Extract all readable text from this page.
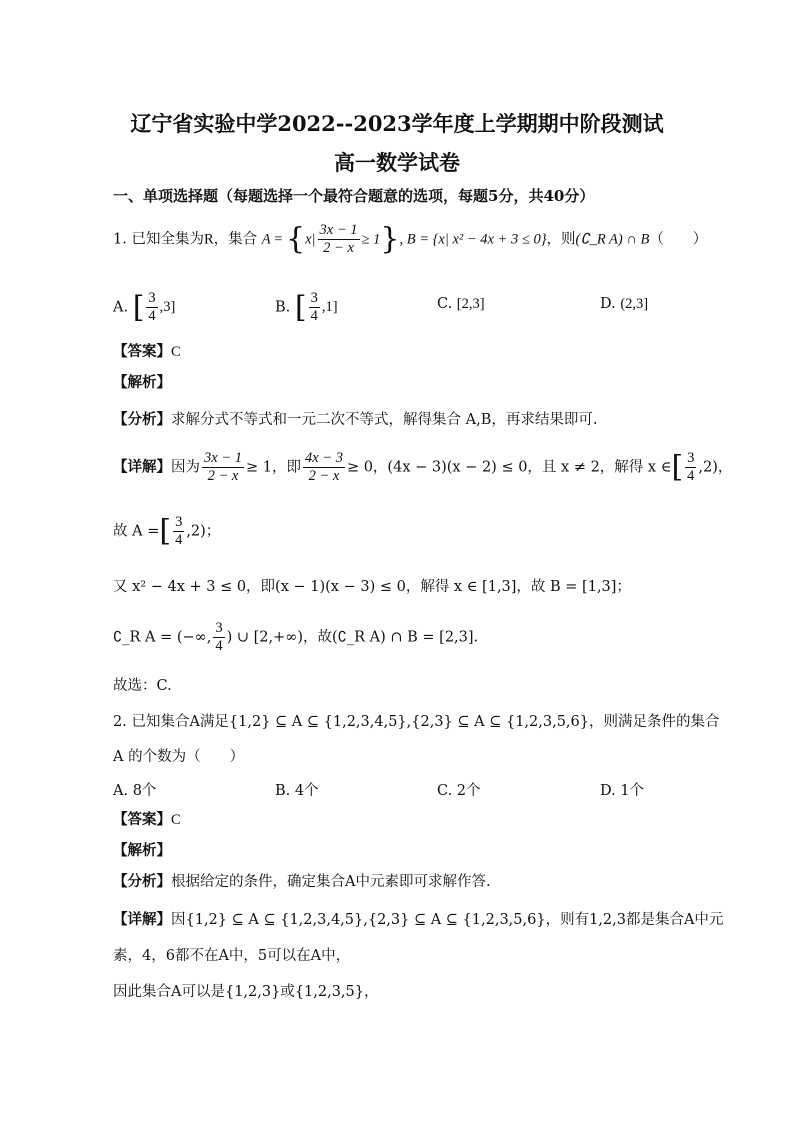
辽宁省实验中学2022--2023学年度上学期期中阶段测试
高一数学试卷
一、单项选择题（每题选择一个最符合题意的选项，每题5分，共40分）
1. 已知全集为R，集合 $A = \{x| \frac{3x - 1}{2 - x} \ge 1\}$, B = {x| x² − 4x + 3 ≤ 0}，则(∁_R A) ∩ B（　　）
A. [ $\frac{3}{4} ,3$]	B. [ $\frac{3}{4} ,1$]	C. [2,3]	D. (2,3]
【答案】C
【解析】
【分析】求解分式不等式和一元二次不等式，解得集合 A,B，再求结果即可.
【详解】因为 $\frac{3x - 1}{2 - x} \ge 1$，即 $\frac{4x - 3}{2 - x} \ge 0$，(4x − 3)(x − 2) ≤ 0，且 x ≠ 2，解得 x ∈[ $\frac{3}{4} ,2$)，
故 A =[ $\frac{3}{4} ,2$)；
又 x² − 4x + 3 ≤ 0，即(x − 1)(x − 3) ≤ 0，解得 x ∈ [1,3]，故 B = [1,3]；
∁_R A = (−∞, $\frac{3}{4}$ ) ∪ [2,+∞)，故(∁_R A) ∩ B = [2,3].
故选：C.
2. 已知集合A满足{1,2} ⊆ A ⊆ {1,2,3,4,5},{2,3} ⊆ A ⊆ {1,2,3,5,6}，则满足条件的集合
A 的个数为（　　）
A. 8个	B. 4个	C. 2个	D. 1个
【答案】C
【解析】
【分析】根据给定的条件，确定集合A中元素即可求解作答.
【详解】因{1,2} ⊆ A ⊆ {1,2,3,4,5},{2,3} ⊆ A ⊆ {1,2,3,5,6}，则有1,2,3都是集合A中元
素，4，6都不在A中，5可以在A中，
因此集合A可以是{1,2,3}或{1,2,3,5}，
